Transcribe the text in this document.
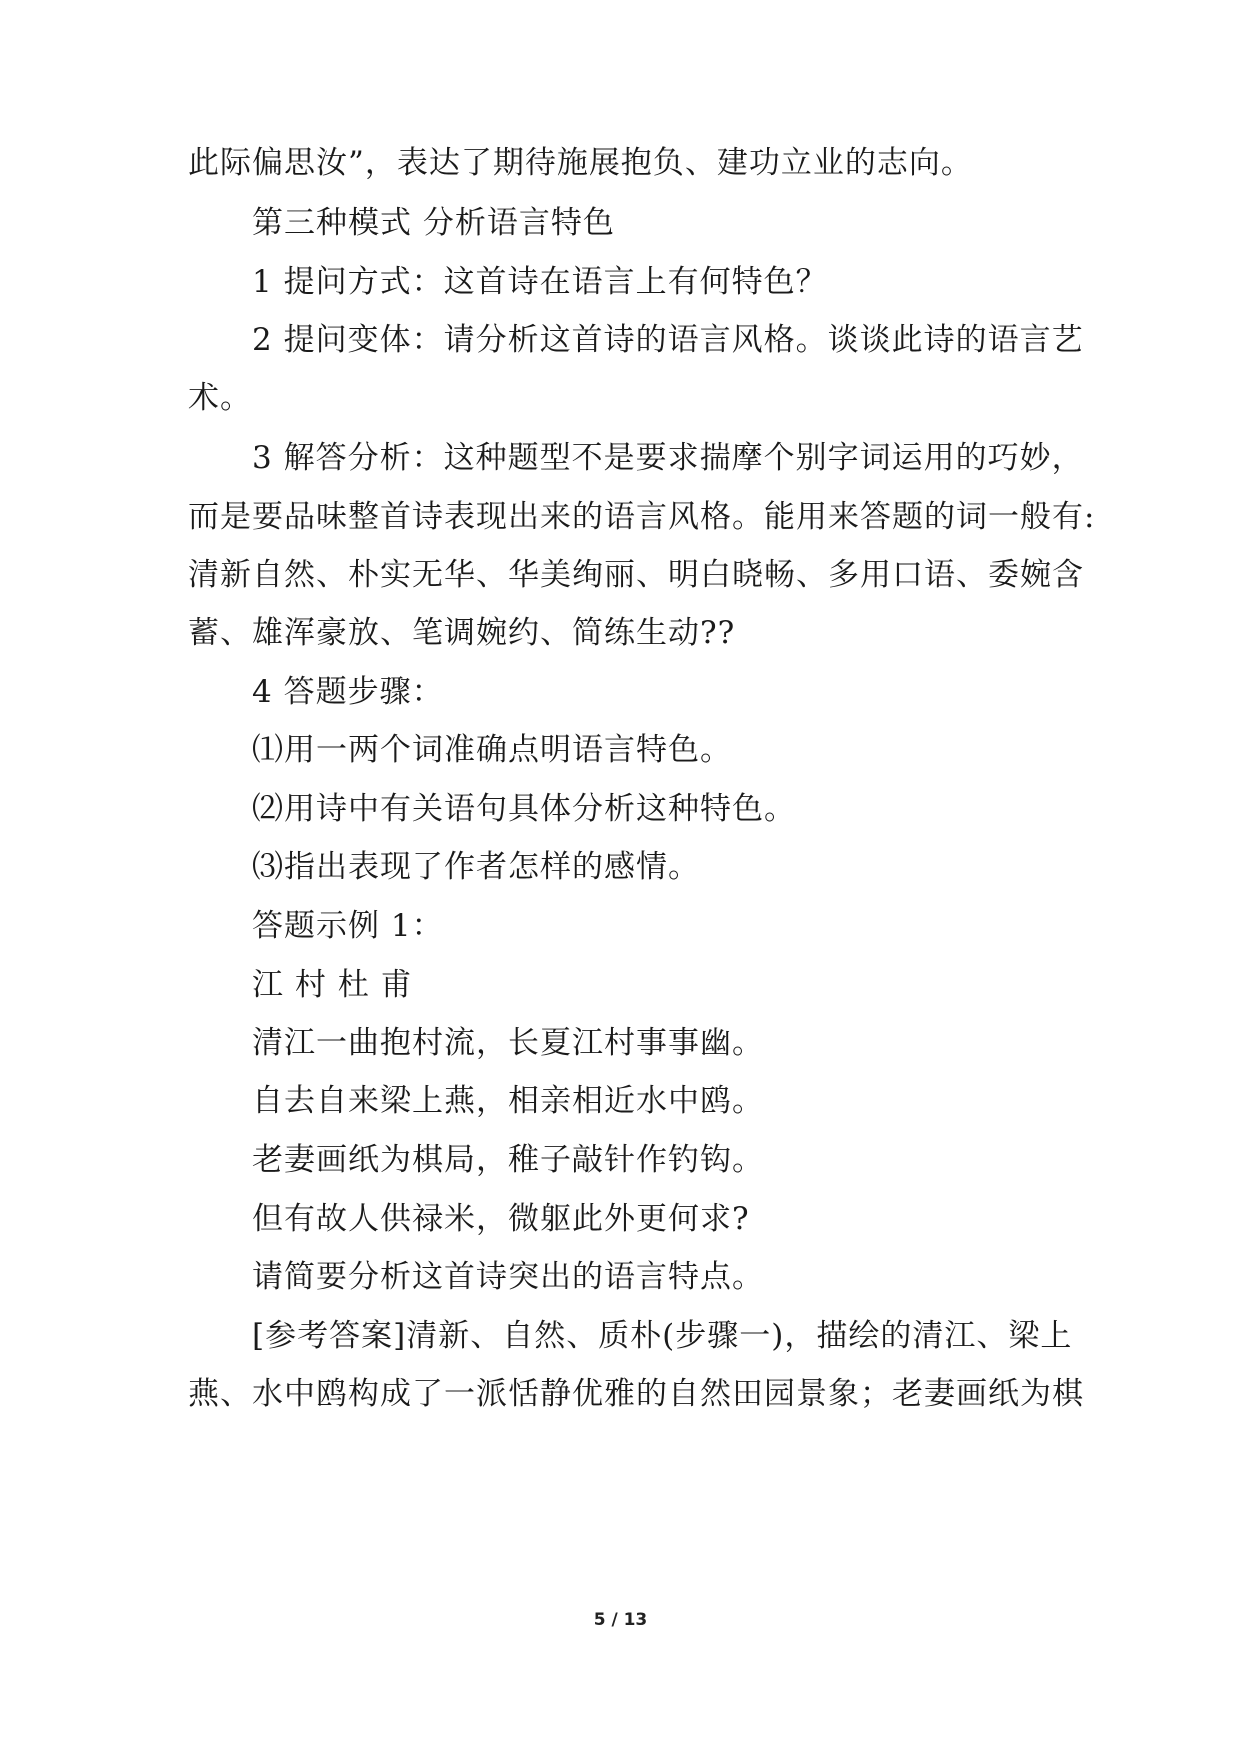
此际偏思汝”，表达了期待施展抱负、建功立业的志向。
第三种模式 分析语言特色
1 提问方式：这首诗在语言上有何特色？
2 提问变体：请分析这首诗的语言风格。谈谈此诗的语言艺
术。
3 解答分析：这种题型不是要求揣摩个别字词运用的巧妙，
而是要品味整首诗表现出来的语言风格。能用来答题的词一般有:
清新自然、朴实无华、华美绚丽、明白晓畅、多用口语、委婉含
蓄、雄浑豪放、笔调婉约、简练生动??
4 答题步骤：
⑴用一两个词准确点明语言特色。
⑵用诗中有关语句具体分析这种特色。
⑶指出表现了作者怎样的感情。
答题示例 1：
江 村 杜 甫
清江一曲抱村流，长夏江村事事幽。
自去自来梁上燕，相亲相近水中鸥。
老妻画纸为棋局，稚子敲针作钓钩。
但有故人供禄米，微躯此外更何求?
请简要分析这首诗突出的语言特点。
[参考答案]清新、自然、质朴(步骤一)，描绘的清江、梁上
燕、水中鸥构成了一派恬静优雅的自然田园景象；老妻画纸为棋
5 / 13
